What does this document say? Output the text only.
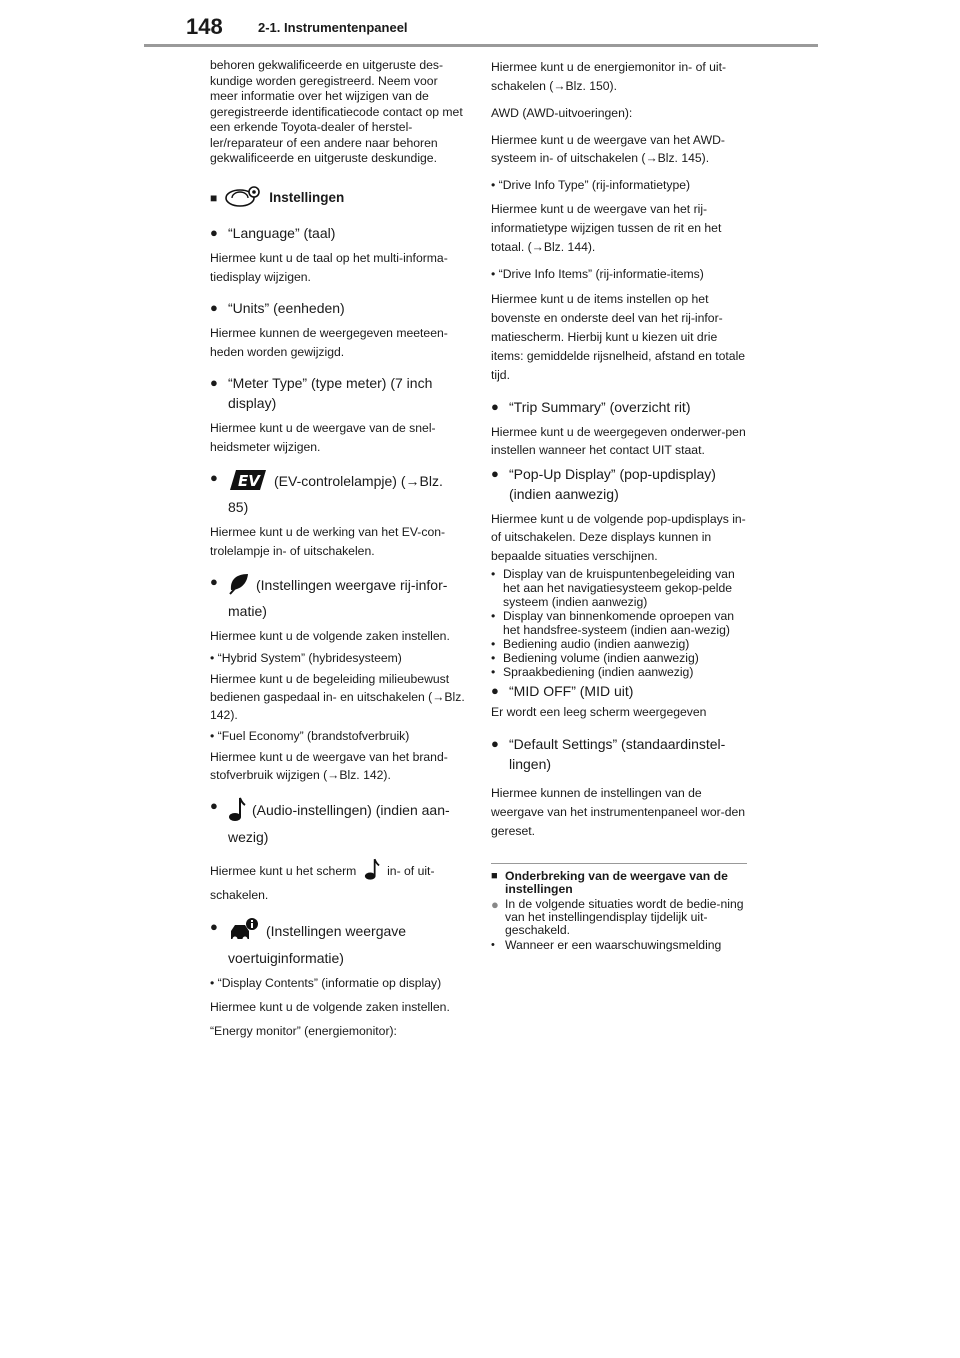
148	2-1. Instrumentenpaneel

behoren gekwalificeerde en uitgeruste des-kundige worden geregistreerd. Neem voor meer informatie over het wijzigen van de geregistreerde identificatiecode contact op met een erkende Toyota-dealer of herstel-ler/reparateur of een andere naar behoren gekwalificeerde en uitgeruste deskundige.

■	Instellingen
● “Language” (taal)

Hiermee kunt u de taal op het multi-informa-tiedisplay wijzigen.

● “Units” (eenheden)

Hiermee kunnen de weergegeven meeteen-heden worden gewijzigd.

● “Meter Type” (type meter) (7 inch display)

Hiermee kunt u de weergave van de snel-heidsmeter wijzigen.

●	EV (EV-controlelampje) (→Blz. 85)

Hiermee kunt u de werking van het EV-con-trolelampje in- of uitschakelen.

●	(Instellingen weergave rij-infor-matie)

Hiermee kunt u de volgende zaken instellen.

• “Hybrid System” (hybridesysteem)

Hiermee kunt u de begeleiding milieubewust bedienen gaspedaal in- en uitschakelen (→Blz. 142).

• “Fuel Economy” (brandstofverbruik)

Hiermee kunt u de weergave van het brand-stofverbruik wijzigen (→Blz. 142).

●	(Audio-instellingen) (indien aan-wezig)

Hiermee kunt u het scherm	in- of uit-schakelen.

●	(Instellingen weergave voertuiginformatie)

• “Display Contents” (informatie op display)

Hiermee kunt u de volgende zaken instellen.

“Energy monitor” (energiemonitor):

Hiermee kunt u de energiemonitor in- of uit-schakelen (→Blz. 150).

AWD (AWD-uitvoeringen):

Hiermee kunt u de weergave van het AWD-systeem in- of uitschakelen (→Blz. 145).

• “Drive Info Type” (rij-informatietype)

Hiermee kunt u de weergave van het rij-informatietype wijzigen tussen de rit en het totaal. (→Blz. 144).

• “Drive Info Items” (rij-informatie-items)

Hiermee kunt u de items instellen op het bovenste en onderste deel van het rij-infor-matiescherm. Hierbij kunt u kiezen uit drie items: gemiddelde rijsnelheid, afstand en totale tijd.

● “Trip Summary” (overzicht rit)

Hiermee kunt u de weergegeven onderwer-pen instellen wanneer het contact UIT staat.

● “Pop-Up Display” (pop-updisplay) (indien aanwezig)

Hiermee kunt u de volgende pop-updisplays in- of uitschakelen. Deze displays kunnen in bepaalde situaties verschijnen.

• Display van de kruispuntenbegeleiding van het aan het navigatiesysteem gekop-pelde systeem (indien aanwezig)
• Display van binnenkomende oproepen van het handsfree-systeem (indien aan-wezig)
• Bediening audio (indien aanwezig)
• Bediening volume (indien aanwezig)
• Spraakbediening (indien aanwezig)
● “MID OFF” (MID uit)

Er wordt een leeg scherm weergegeven

● “Default Settings” (standaardinstel-lingen)

Hiermee kunnen de instellingen van de weergave van het instrumentenpaneel wor-den gereset.

■ Onderbreking van de weergave van de instellingen
● In de volgende situaties wordt de bedie-ning van het instellingendisplay tijdelijk uit-geschakeld.
• Wanneer er een waarschuwingsmelding
